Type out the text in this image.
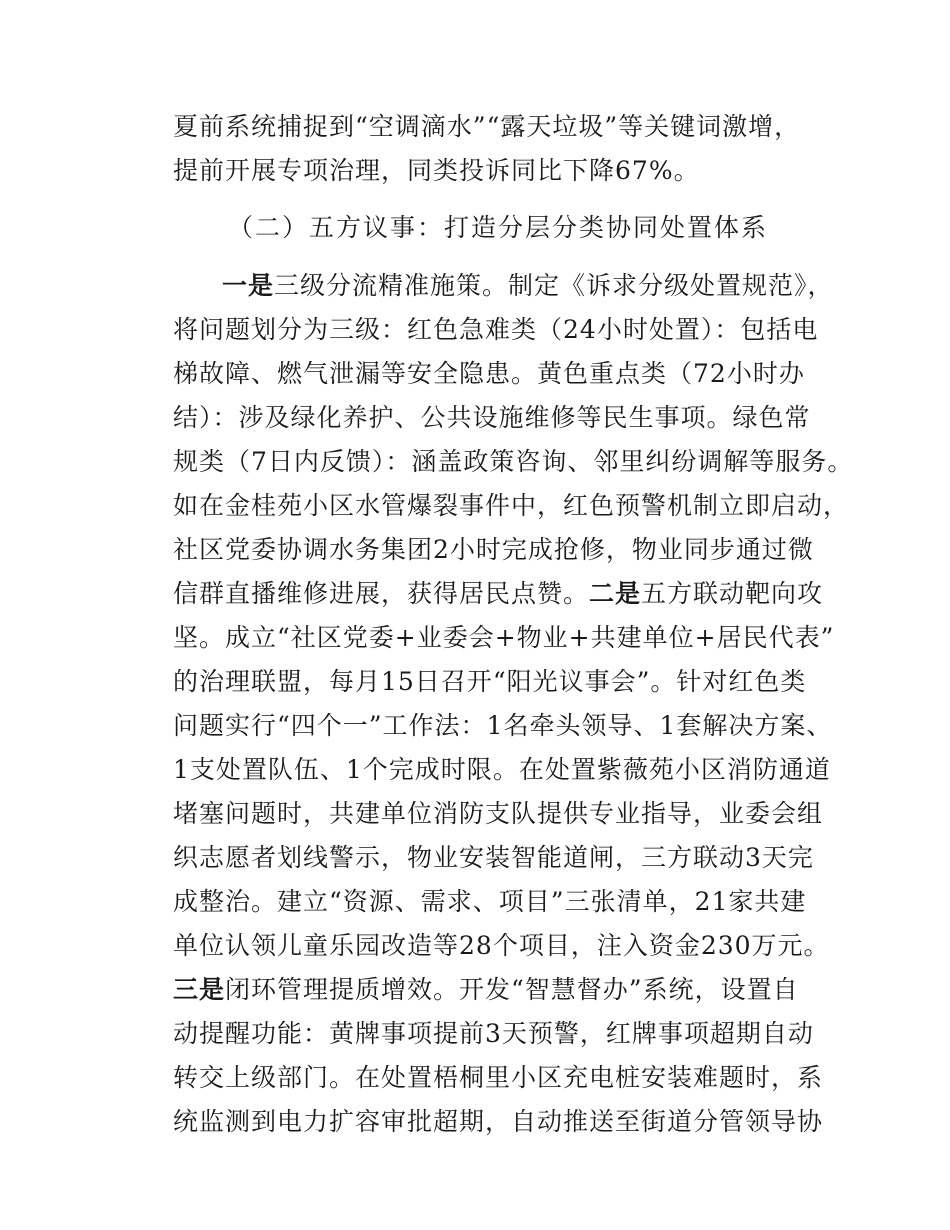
夏前系统捕捉到“空调滴水”“露天垃圾”等关键词激增，
提前开展专项治理，同类投诉同比下降67%。
（二）五方议事：打造分层分类协同处置体系
一是三级分流精准施策。制定《诉求分级处置规范》，
将问题划分为三级：红色急难类（24小时处置）：包括电
梯故障、燃气泄漏等安全隐患。黄色重点类（72小时办
结）：涉及绿化养护、公共设施维修等民生事项。绿色常
规类（7日内反馈）：涵盖政策咨询、邻里纠纷调解等服务。
如在金桂苑小区水管爆裂事件中，红色预警机制立即启动，
社区党委协调水务集团2小时完成抢修，物业同步通过微
信群直播维修进展，获得居民点赞。二是五方联动靶向攻
坚。成立“社区党委+业委会+物业+共建单位+居民代表”
的治理联盟，每月15日召开“阳光议事会”。针对红色类
问题实行“四个一”工作法：1名牵头领导、1套解决方案、
1支处置队伍、1个完成时限。在处置紫薇苑小区消防通道
堵塞问题时，共建单位消防支队提供专业指导，业委会组
织志愿者划线警示，物业安装智能道闸，三方联动3天完
成整治。建立“资源、需求、项目”三张清单，21家共建
单位认领儿童乐园改造等28个项目，注入资金230万元。
三是闭环管理提质增效。开发“智慧督办”系统，设置自
动提醒功能：黄牌事项提前3天预警，红牌事项超期自动
转交上级部门。在处置梧桐里小区充电桩安装难题时，系
统监测到电力扩容审批超期，自动推送至街道分管领导协
